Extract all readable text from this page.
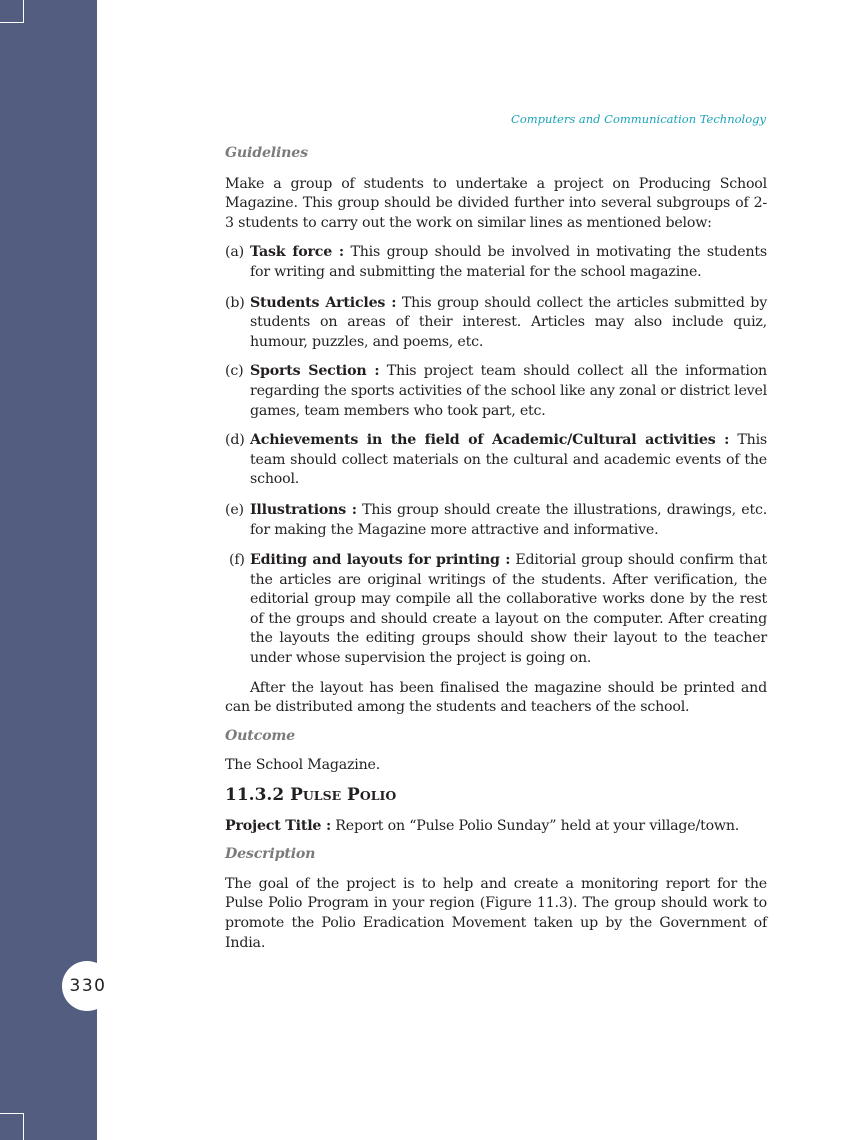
330
Computers and Communication Technology

Guidelines

Make a group of students to undertake a project on Producing School Magazine. This group should be divided further into several subgroups of 2-3 students to carry out the work on similar lines as mentioned below:

(a) Task force : This group should be involved in motivating the students for writing and submitting the material for the school magazine.
(b) Students Articles : This group should collect the articles submitted by students on areas of their interest. Articles may also include quiz, humour, puzzles, and poems, etc.
(c) Sports Section : This project team should collect all the information regarding the sports activities of the school like any zonal or district level games, team members who took part, etc.
(d) Achievements in the field of Academic/Cultural activities : This team should collect materials on the cultural and academic events of the school.
(e) Illustrations : This group should create the illustrations, drawings, etc. for making the Magazine more attractive and informative.
(f) Editing and layouts for printing : Editorial group should confirm that the articles are original writings of the students. After verification, the editorial group may compile all the collaborative works done by the rest of the groups and should create a layout on the computer. After creating the layouts the editing groups should show their layout to the teacher under whose supervision the project is going on.

After the layout has been finalised the magazine should be printed and can be distributed among the students and teachers of the school.

Outcome

The School Magazine.

11.3.2 PULSE POLIO

Project Title : Report on “Pulse Polio Sunday” held at your village/town.

Description

The goal of the project is to help and create a monitoring report for the Pulse Polio Program in your region (Figure 11.3). The group should work to promote the Polio Eradication Movement taken up by the Government of India.
